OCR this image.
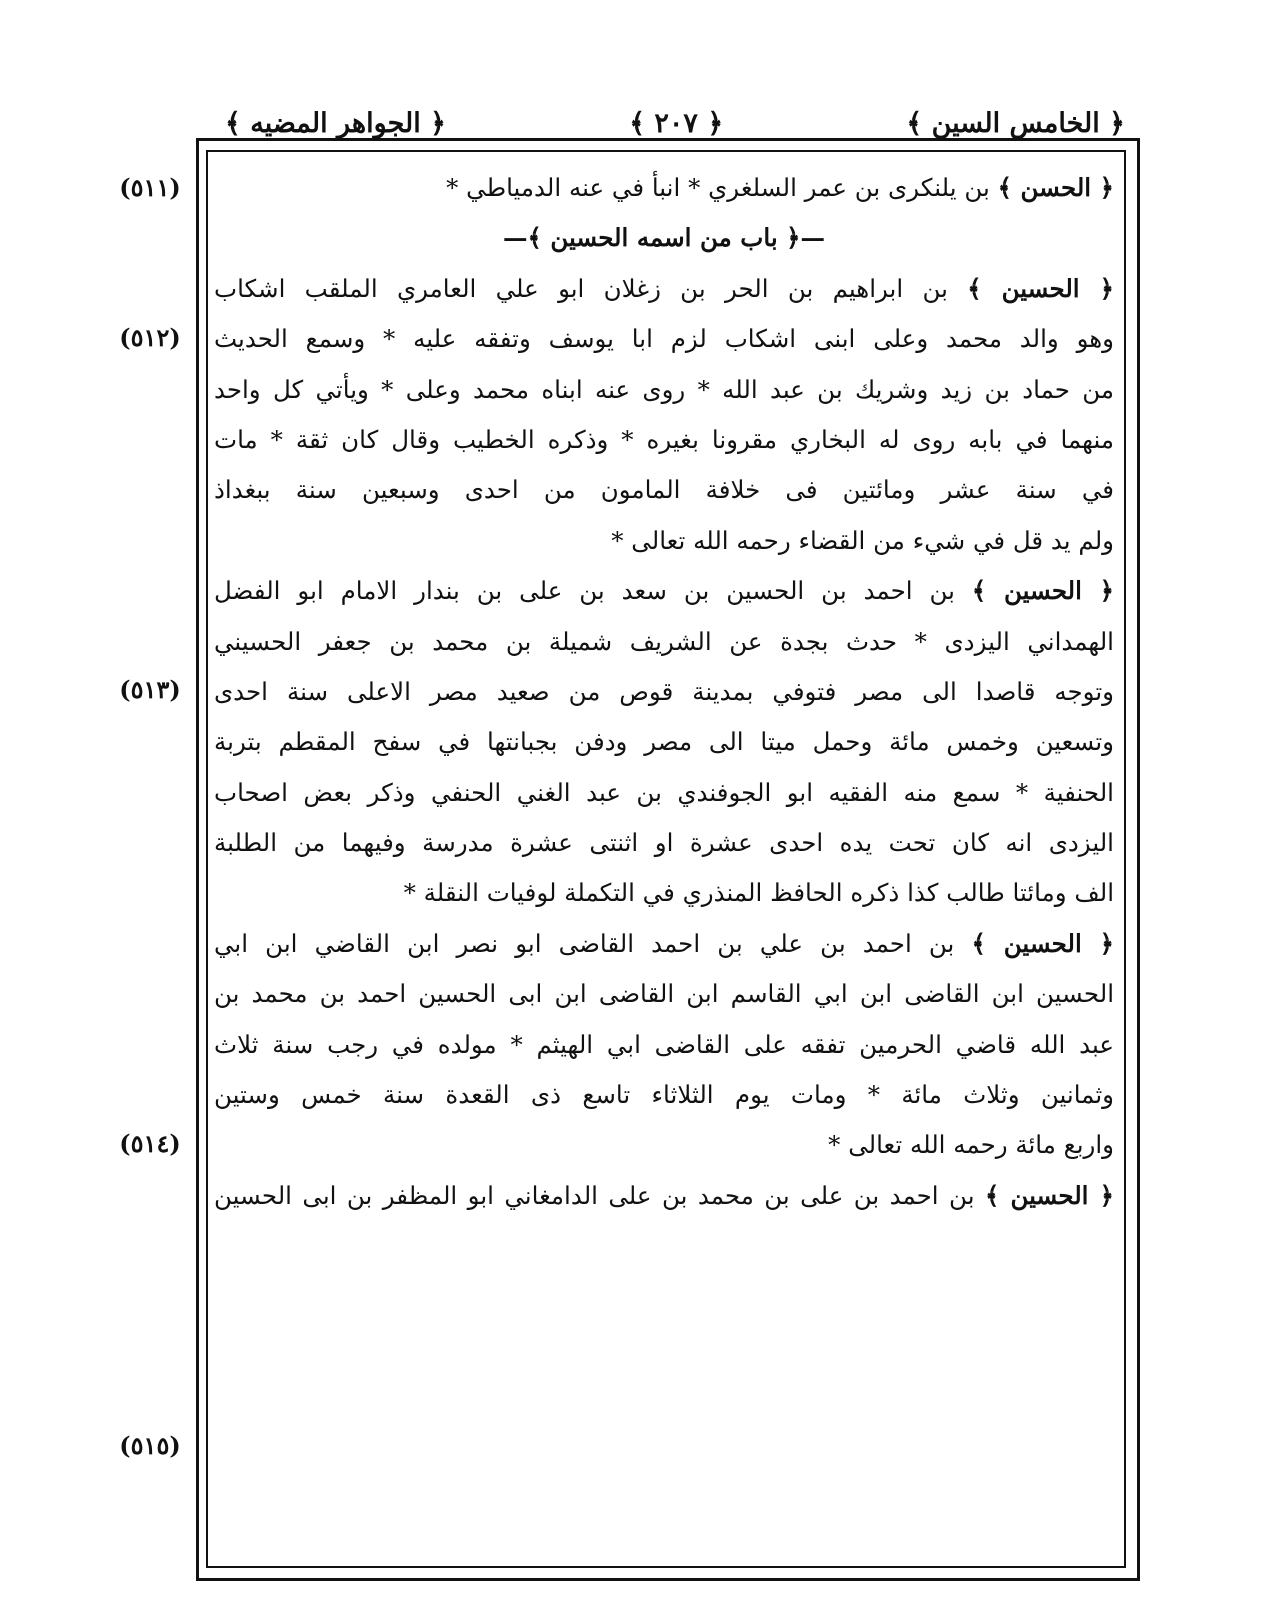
﴿ الخامس السين ﴾
﴿ ٢٠٧ ﴾
﴿ الجواهر المضيه ﴾
(٥١١)
(٥١٢)
(٥١٣)
(٥١٤)
(٥١٥)
﴿ الحسن ﴾ بن يلنكرى بن عمر السلغري * انبأ في عنه الدمياطي *
—﴿ باب من اسمه الحسين ﴾—
﴿ الحسين ﴾ بن ابراهيم بن الحر بن زغلان ابو علي العامري الملقب اشكاب
وهو والد محمد وعلى ابنى اشكاب لزم ابا يوسف وتفقه عليه * وسمع الحديث
من حماد بن زيد وشريك بن عبد الله * روى عنه ابناه محمد وعلى * ويأتي كل واحد
منهما في بابه روى له البخاري مقرونا بغيره * وذكره الخطيب وقال كان ثقة * مات
في سنة عشر ومائتين فى خلافة المامون من احدى وسبعين سنة ببغداذ
ولم يد قل في شيء من القضاء رحمه الله تعالى *
﴿ الحسين ﴾ بن احمد بن الحسين بن سعد بن على بن بندار الامام ابو الفضل
الهمداني اليزدى * حدث بجدة عن الشريف شميلة بن محمد بن جعفر الحسيني
وتوجه قاصدا الى مصر فتوفي بمدينة قوص من صعيد مصر الاعلى سنة احدى
وتسعين وخمس مائة وحمل ميتا الى مصر ودفن بجبانتها في سفح المقطم بتربة
الحنفية * سمع منه الفقيه ابو الجوفندي بن عبد الغني الحنفي وذكر بعض اصحاب
اليزدى انه كان تحت يده احدى عشرة او اثنتى عشرة مدرسة وفيهما من الطلبة
الف ومائتا طالب كذا ذكره الحافظ المنذري في التكملة لوفيات النقلة *
﴿ الحسين ﴾ بن احمد بن علي بن احمد القاضى ابو نصر ابن القاضي ابن ابي
الحسين ابن القاضى ابن ابي القاسم ابن القاضى ابن ابى الحسين احمد بن محمد بن
عبد الله قاضي الحرمين تفقه على القاضى ابي الهيثم * مولده في رجب سنة ثلاث
وثمانين وثلاث مائة * ومات يوم الثلاثاء تاسع ذى القعدة سنة خمس وستين
واربع مائة رحمه الله تعالى *
﴿ الحسين ﴾ بن احمد بن على بن محمد بن على الدامغاني ابو المظفر بن ابى الحسين
